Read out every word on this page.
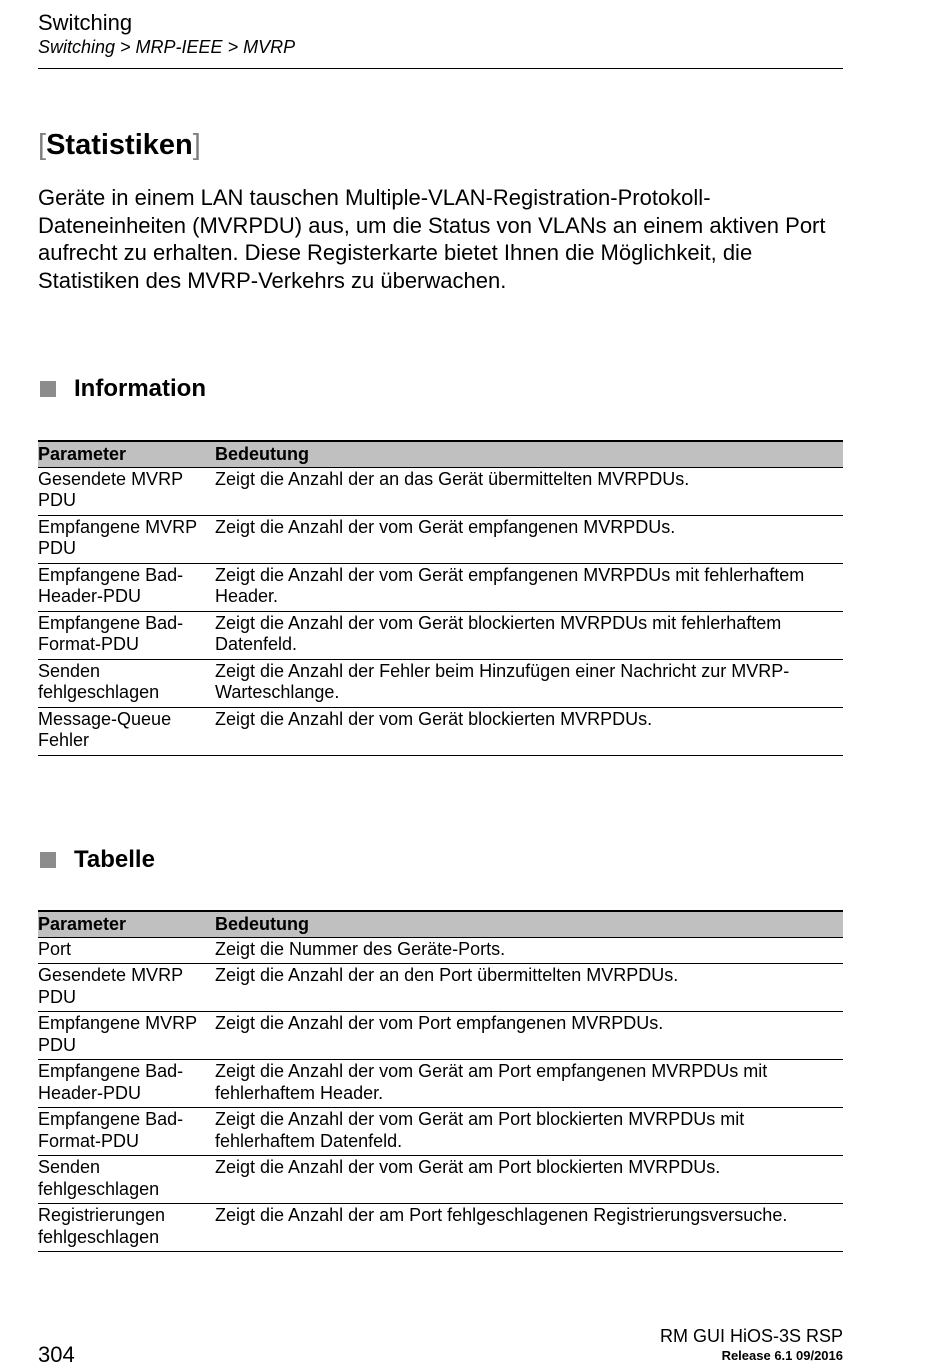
Switching
Switching > MRP-IEEE > MVRP
[Statistiken]
Geräte in einem LAN tauschen Multiple-VLAN-Registration-Protokoll-Dateneinheiten (MVRPDU) aus, um die Status von VLANs an einem aktiven Port aufrecht zu erhalten. Diese Registerkarte bietet Ihnen die Möglichkeit, die Statistiken des MVRP-Verkehrs zu überwachen.
Information
Parameter	Bedeutung
Gesendete MVRP PDU	Zeigt die Anzahl der an das Gerät übermittelten MVRPDUs.
Empfangene MVRP PDU	Zeigt die Anzahl der vom Gerät empfangenen MVRPDUs.
Empfangene Bad-Header-PDU	Zeigt die Anzahl der vom Gerät empfangenen MVRPDUs mit fehlerhaftem Header.
Empfangene Bad-Format-PDU	Zeigt die Anzahl der vom Gerät blockierten MVRPDUs mit fehlerhaftem Datenfeld.
Senden fehlgeschlagen	Zeigt die Anzahl der Fehler beim Hinzufügen einer Nachricht zur MVRP-Warteschlange.
Message-Queue Fehler	Zeigt die Anzahl der vom Gerät blockierten MVRPDUs.
Tabelle
Parameter	Bedeutung
Port	Zeigt die Nummer des Geräte-Ports.
Gesendete MVRP PDU	Zeigt die Anzahl der an den Port übermittelten MVRPDUs.
Empfangene MVRP PDU	Zeigt die Anzahl der vom Port empfangenen MVRPDUs.
Empfangene Bad-Header-PDU	Zeigt die Anzahl der vom Gerät am Port empfangenen MVRPDUs mit fehlerhaftem Header.
Empfangene Bad-Format-PDU	Zeigt die Anzahl der vom Gerät am Port blockierten MVRPDUs mit fehlerhaftem Datenfeld.
Senden fehlgeschlagen	Zeigt die Anzahl der vom Gerät am Port blockierten MVRPDUs.
Registrierungen fehlgeschlagen	Zeigt die Anzahl der am Port fehlgeschlagenen Registrierungsversuche.
304
RM GUI HiOS-3S RSP
Release 6.1 09/2016
